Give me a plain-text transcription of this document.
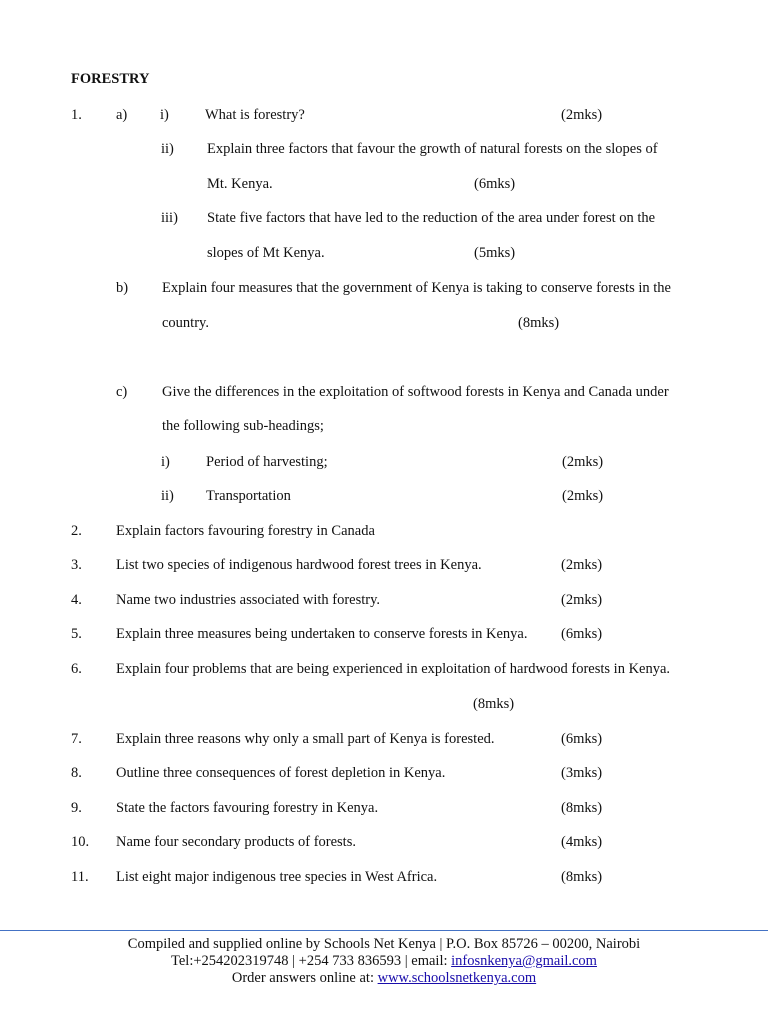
FORESTRY
1. a) i) What is forestry?	(2mks)
ii) Explain three factors that favour the growth of natural forests on the slopes of
Mt. Kenya.	(6mks)
iii) State five factors that have led to the reduction of the area under forest on the
slopes of Mt Kenya.	(5mks)
b) Explain four measures that the government of Kenya is taking to conserve forests in the
country.	(8mks)
c) Give the differences in the exploitation of softwood forests in Kenya and Canada under
the following sub-headings;
i) Period of harvesting;	(2mks)
ii) Transportation	(2mks)
2. Explain factors favouring forestry in Canada
3. List two species of indigenous hardwood forest trees in Kenya.	(2mks)
4. Name two industries associated with forestry.	(2mks)
5. Explain three measures being undertaken to conserve forests in Kenya. (6mks)
6. Explain four problems that are being experienced in exploitation of hardwood forests in Kenya.
(8mks)
7. Explain three reasons why only a small part of Kenya is forested.	(6mks)
8. Outline three consequences of forest depletion in Kenya.	(3mks)
9. State the factors favouring forestry in Kenya.	(8mks)
10. Name four secondary products of forests.	(4mks)
11. List eight major indigenous tree species in West Africa.	(8mks)
Compiled and supplied online by Schools Net Kenya | P.O. Box 85726 – 00200, Nairobi
Tel:+254202319748 | +254 733 836593 | email: infosnkenya@gmail.com
Order answers online at: www.schoolsnetkenya.com
